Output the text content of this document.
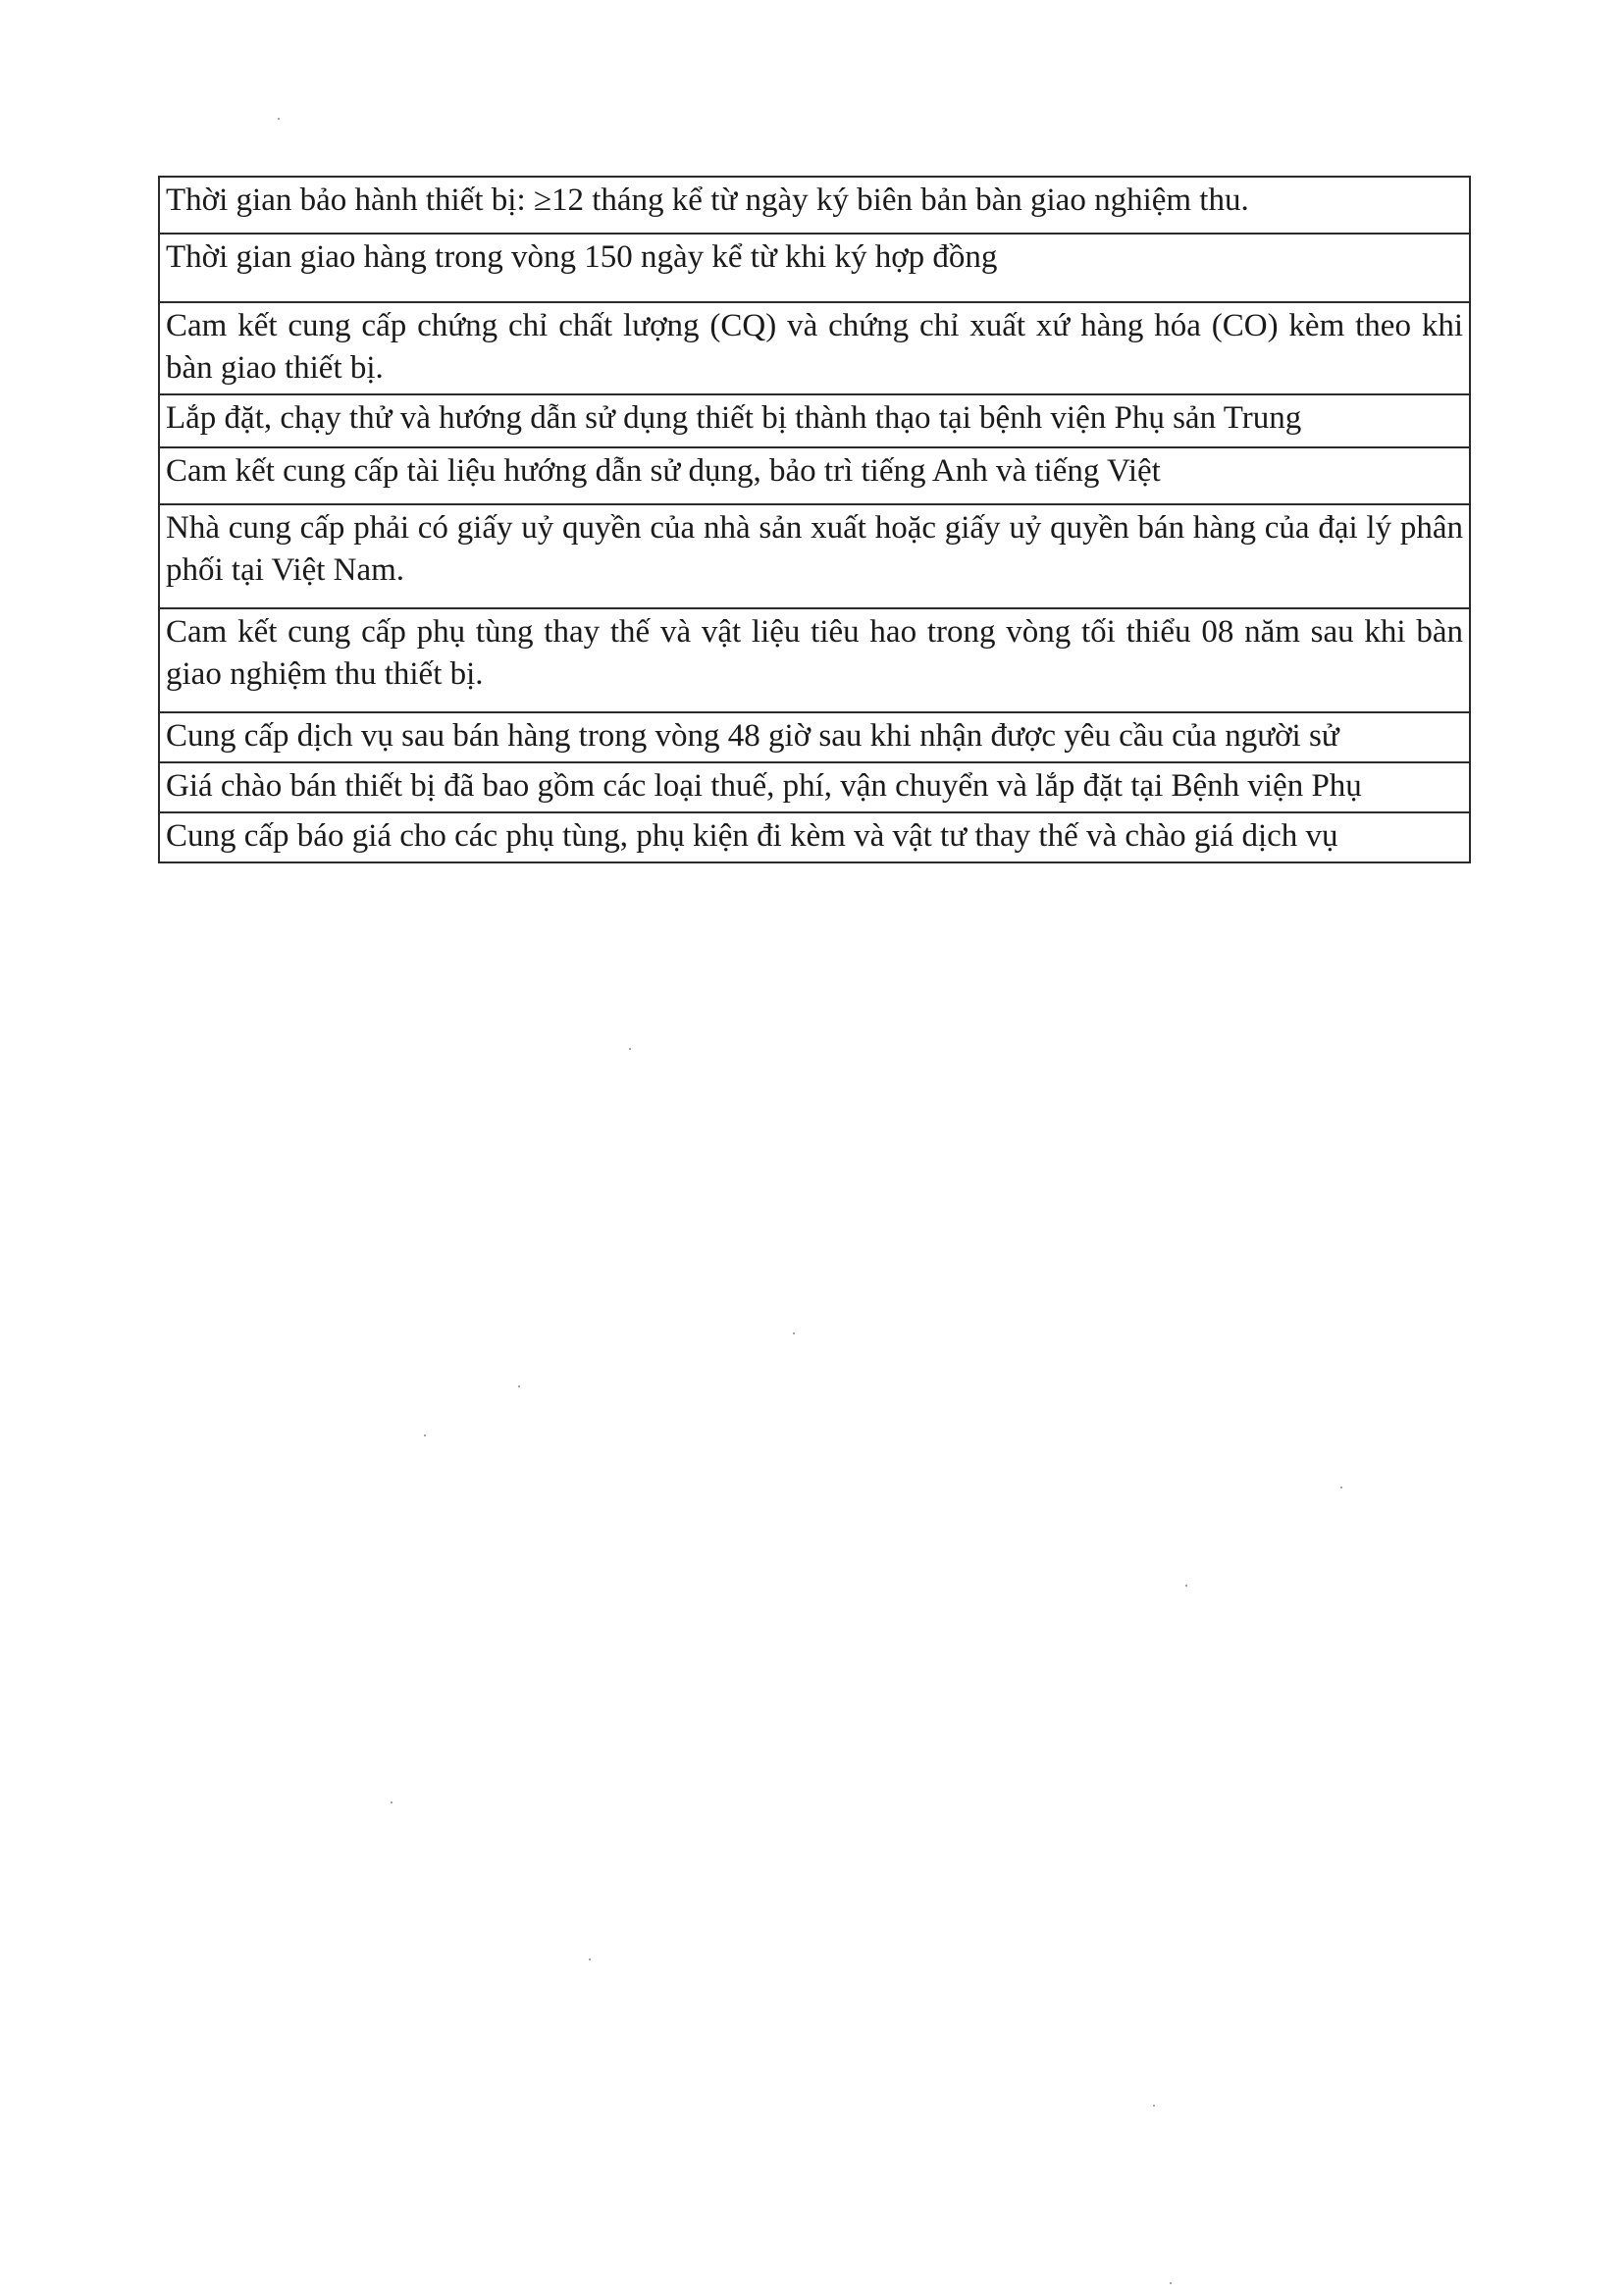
Thời gian bảo hành thiết bị: ≥12 tháng kể từ ngày ký biên bản bàn giao nghiệm thu.
Thời gian giao hàng trong vòng 150 ngày kể từ khi ký hợp đồng
Cam kết cung cấp chứng chỉ chất lượng (CQ) và chứng chỉ xuất xứ hàng hóa (CO) kèm theo khi bàn giao thiết bị.
Lắp đặt, chạy thử và hướng dẫn sử dụng thiết bị thành thạo tại bệnh viện Phụ sản Trung
Cam kết cung cấp tài liệu hướng dẫn sử dụng, bảo trì tiếng Anh và tiếng Việt
Nhà cung cấp phải có giấy uỷ quyền của nhà sản xuất hoặc giấy uỷ quyền bán hàng của đại lý phân phối tại Việt Nam.
Cam kết cung cấp phụ tùng thay thế và vật liệu tiêu hao trong vòng tối thiểu 08 năm sau khi bàn giao nghiệm thu thiết bị.
Cung cấp dịch vụ sau bán hàng trong vòng 48 giờ sau khi nhận được yêu cầu của người sử
Giá chào bán thiết bị đã bao gồm các loại thuế, phí, vận chuyển và lắp đặt tại Bệnh viện Phụ
Cung cấp báo giá cho các phụ tùng, phụ kiện đi kèm và vật tư thay thế và chào giá dịch vụ
